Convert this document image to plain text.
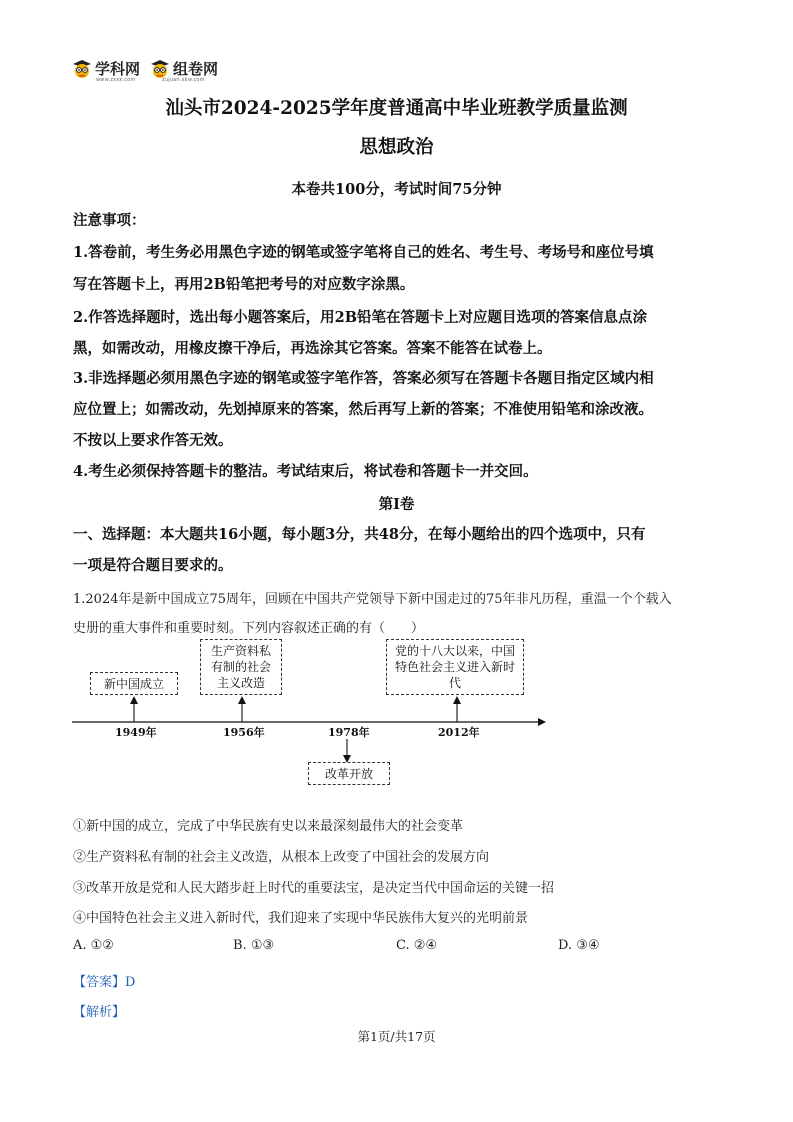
学科网 组卷网
www.zxxk.com	zujuan.xkw.com
汕头市2024-2025学年度普通高中毕业班教学质量监测
思想政治
本卷共100分，考试时间75分钟
注意事项：
1.答卷前，考生务必用黑色字迹的钢笔或签字笔将自己的姓名、考生号、考场号和座位号填
写在答题卡上，再用2B铅笔把考号的对应数字涂黑。
2.作答选择题时，选出每小题答案后，用2B铅笔在答题卡上对应题目选项的答案信息点涂
黑，如需改动，用橡皮擦干净后，再选涂其它答案。答案不能答在试卷上。
3.非选择题必须用黑色字迹的钢笔或签字笔作答，答案必须写在答题卡各题目指定区域内相
应位置上；如需改动，先划掉原来的答案，然后再写上新的答案；不准使用铅笔和涂改液。
不按以上要求作答无效。
4.考生必须保持答题卡的整洁。考试结束后，将试卷和答题卡一并交回。
第Ⅰ卷
一、选择题：本大题共16小题，每小题3分，共48分，在每小题给出的四个选项中，只有
一项是符合题目要求的。
1.2024年是新中国成立75周年，回顾在中国共产党领导下新中国走过的75年非凡历程，重温一个个载入
史册的重大事件和重要时刻。下列内容叙述正确的有（　　）
新中国成立
生产资料私有制的社会主义改造
党的十八大以来，中国特色社会主义进入新时代
改革开放
1949年	1956年	1978年	2012年
①新中国的成立，完成了中华民族有史以来最深刻最伟大的社会变革
②生产资料私有制的社会主义改造，从根本上改变了中国社会的发展方向
③改革开放是党和人民大踏步赶上时代的重要法宝，是决定当代中国命运的关键一招
④中国特色社会主义进入新时代，我们迎来了实现中华民族伟大复兴的光明前景
A. ①②	B. ①③	C. ②④	D. ③④
【答案】D
【解析】
第1页/共17页
